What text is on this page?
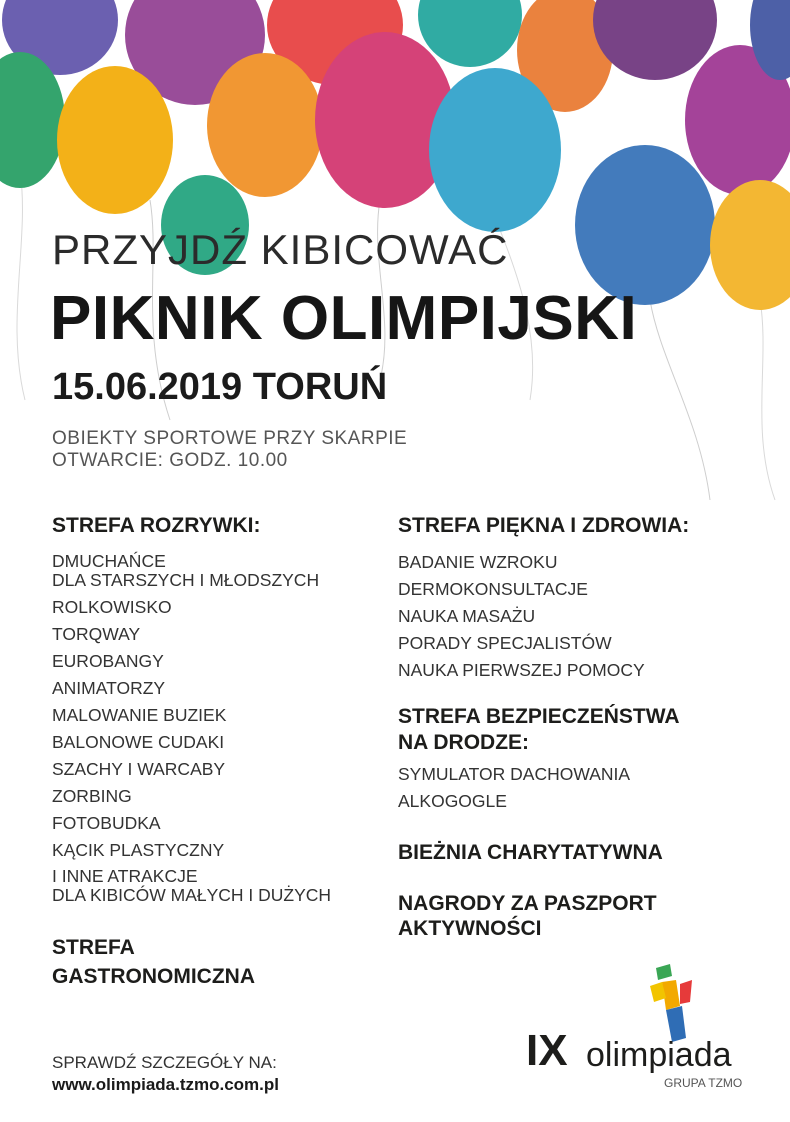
PRZYJDŹ KIBICOWAĆ
PIKNIK OLIMPIJSKI
15.06.2019 TORUŃ
OBIEKTY SPORTOWE PRZY SKARPIE
OTWARCIE: GODZ. 10.00
STREFA ROZRYWKI:
DMUCHAŃCE
DLA STARSZYCH I MŁODSZYCH
ROLKOWISKO
TORQWAY
EUROBANGY
ANIMATORZY
MALOWANIE BUZIEK
BALONOWE CUDAKI
SZACHY I WARCABY
ZORBING
FOTOBUDKA
KĄCIK PLASTYCZNY
I INNE ATRAKCJE
DLA KIBICÓW MAŁYCH I DUŻYCH
STREFA
GASTRONOMICZNA
STREFA PIĘKNA I ZDROWIA:
BADANIE WZROKU
DERMOKONSULTACJE
NAUKA MASAŻU
PORADY SPECJALISTÓW
NAUKA PIERWSZEJ POMOCY
STREFA BEZPIECZEŃSTWA
NA DRODZE:
SYMULATOR DACHOWANIA
ALKOGOGLE
BIEŻNIA CHARYTATYWNA
NAGRODY ZA PASZPORT
AKTYWNOŚCI
SPRAWDŹ SZCZEGÓŁY NA:
www.olimpiada.tzmo.com.pl
IX olimpiada
GRUPA TZMO
